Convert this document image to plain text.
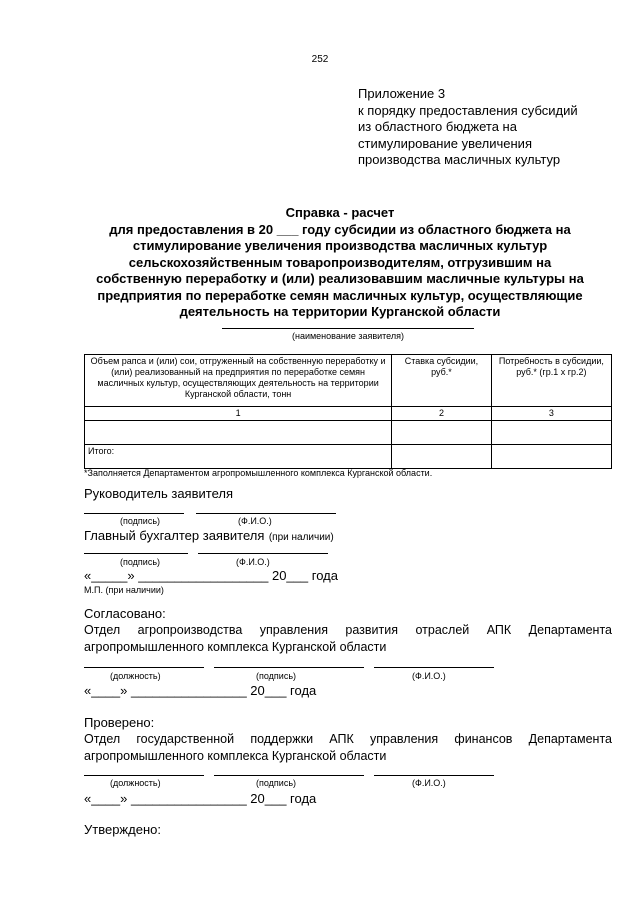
252
Приложение 3
к порядку предоставления субсидий
из областного бюджета на
стимулирование увеличения
производства масличных культур
Справка - расчет
для предоставления в 20 ___ году субсидии из областного бюджета на
стимулирование увеличения производства масличных культур
сельскохозяйственным товаропроизводителям, отгрузившим на
собственную переработку и (или) реализовавшим масличные культуры на
предприятия по переработке семян масличных культур, осуществляющие
деятельность на территории Курганской области
(наименование заявителя)
Объем рапса и (или) сои, отгруженный на собственную переработку и (или) реализованный на предприятия по переработке семян масличных культур, осуществляющих деятельность на территории Курганской области, тонн	Ставка субсидии, руб.*	Потребность в субсидии, руб.* (гр.1 х гр.2)
1	2	3

Итого:		
*Заполняется Департаментом агропромышленного комплекса Курганской области.
Руководитель заявителя
(подпись)	(Ф.И.О.)
Главный бухгалтер заявителя (при наличии)
(подпись)	(Ф.И.О.)
«_____» __________________ 20___ года
М.П. (при наличии)
Согласовано:
Отдел агропроизводства управления развития отраслей АПК Департамента
агропромышленного комплекса Курганской области
(должность)	(подпись)	(Ф.И.О.)
«____» ________________ 20___ года
Проверено:
Отдел государственной поддержки АПК управления финансов Департамента
агропромышленного комплекса Курганской области
(должность)	(подпись)	(Ф.И.О.)
«____» ________________ 20___ года
Утверждено:
